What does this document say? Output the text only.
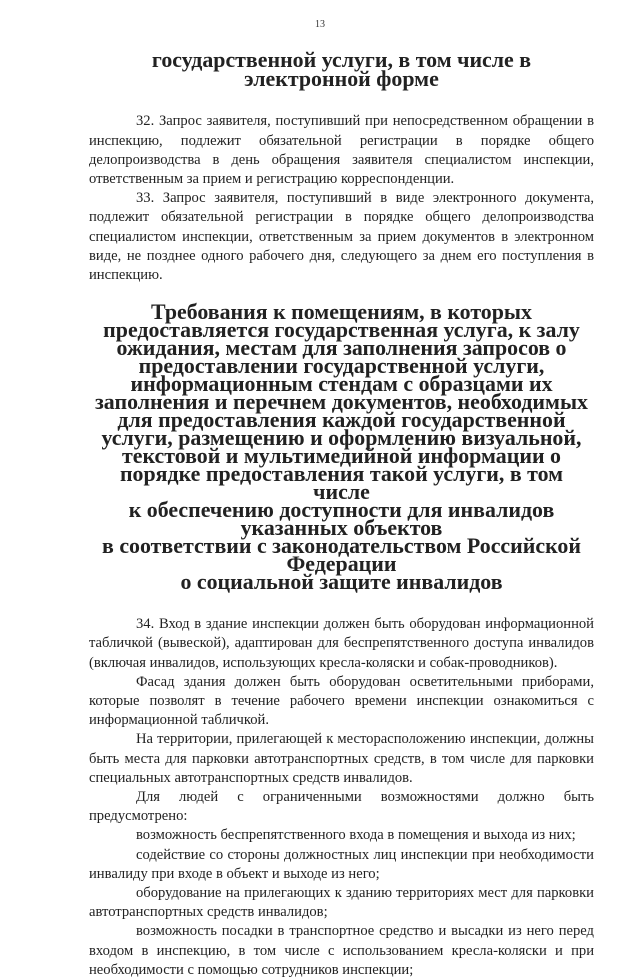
13
государственной услуги, в том числе в электронной форме

32. Запрос заявителя, поступивший при непосредственном обращении в инспекцию, подлежит обязательной регистрации в порядке общего делопроизводства в день обращения заявителя специалистом инспекции, ответственным за прием и регистрацию корреспонденции.

33. Запрос заявителя, поступивший в виде электронного документа, подлежит обязательной регистрации в порядке общего делопроизводства специалистом инспекции, ответственным за прием документов в электронном виде, не позднее одного рабочего дня, следующего за днем его поступления в инспекцию.

Требования к помещениям, в которых предоставляется государственная услуга, к залу ожидания, местам для заполнения запросов о предоставлении государственной услуги, информационным стендам с образцами их заполнения и перечнем документов, необходимых для предоставления каждой государственной услуги, размещению и оформлению визуальной, текстовой и мультимедийной информации о порядке предоставления такой услуги, в том числе
к обеспечению доступности для инвалидов указанных объектов
в соответствии с законодательством Российской Федерации
о социальной защите инвалидов

34. Вход в здание инспекции должен быть оборудован информационной табличкой (вывеской), адаптирован для беспрепятственного доступа инвалидов (включая инвалидов, использующих кресла-коляски и собак-проводников).

Фасад здания должен быть оборудован осветительными приборами, которые позволят в течение рабочего времени инспекции ознакомиться с информационной табличкой.

На территории, прилегающей к месторасположению инспекции, должны быть места для парковки автотранспортных средств, в том числе для парковки специальных автотранспортных средств инвалидов.

Для людей с ограниченными возможностями должно быть предусмотрено:

возможность беспрепятственного входа в помещения и выхода из них;

содействие со стороны должностных лиц инспекции при необходимости инвалиду при входе в объект и выходе из него;

оборудование на прилегающих к зданию территориях мест для парковки автотранспортных средств инвалидов;

возможность посадки в транспортное средство и высадки из него перед входом в инспекцию, в том числе с использованием кресла-коляски и при необходимости с помощью сотрудников инспекции;
